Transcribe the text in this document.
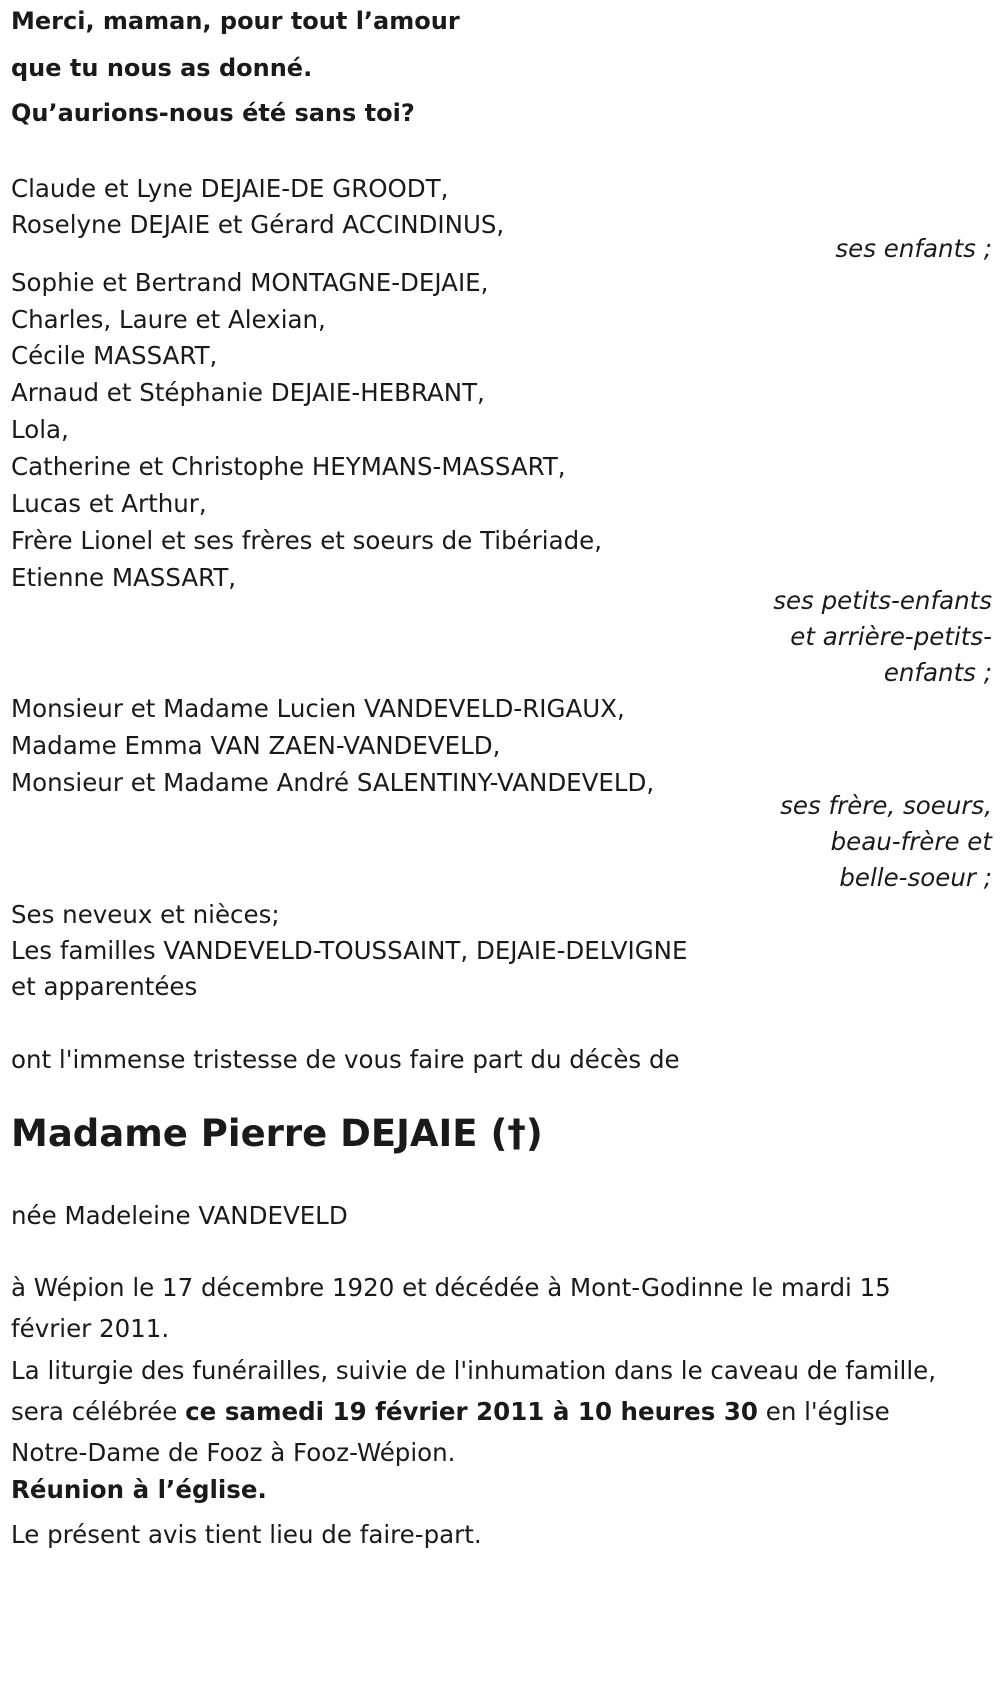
Merci, maman, pour tout l’amour
que tu nous as donné.
Qu’aurions-nous été sans toi?
Claude et Lyne DEJAIE-DE GROODT,
Roselyne DEJAIE et Gérard ACCINDINUS,
ses enfants ;
Sophie et Bertrand MONTAGNE-DEJAIE,
Charles, Laure et Alexian,
Cécile MASSART,
Arnaud et Stéphanie DEJAIE-HEBRANT,
Lola,
Catherine et Christophe HEYMANS-MASSART,
Lucas et Arthur,
Frère Lionel et ses frères et soeurs de Tibériade,
Etienne MASSART,
ses petits-enfants
et arrière-petits-
enfants ;
Monsieur et Madame Lucien VANDEVELD-RIGAUX,
Madame Emma VAN ZAEN-VANDEVELD,
Monsieur et Madame André SALENTINY-VANDEVELD,
ses frère, soeurs,
beau-frère et
belle-soeur ;
Ses neveux et nièces;
Les familles VANDEVELD-TOUSSAINT, DEJAIE-DELVIGNE
et apparentées
ont l'immense tristesse de vous faire part du décès de
Madame Pierre DEJAIE (†)
née Madeleine VANDEVELD
à Wépion le 17 décembre 1920 et décédée à Mont-Godinne le mardi 15 février 2011.
La liturgie des funérailles, suivie de l'inhumation dans le caveau de famille, sera célébrée ce samedi 19 février 2011 à 10 heures 30 en l'église Notre-Dame de Fooz à Fooz-Wépion.
Réunion à l’église.
Le présent avis tient lieu de faire-part.
